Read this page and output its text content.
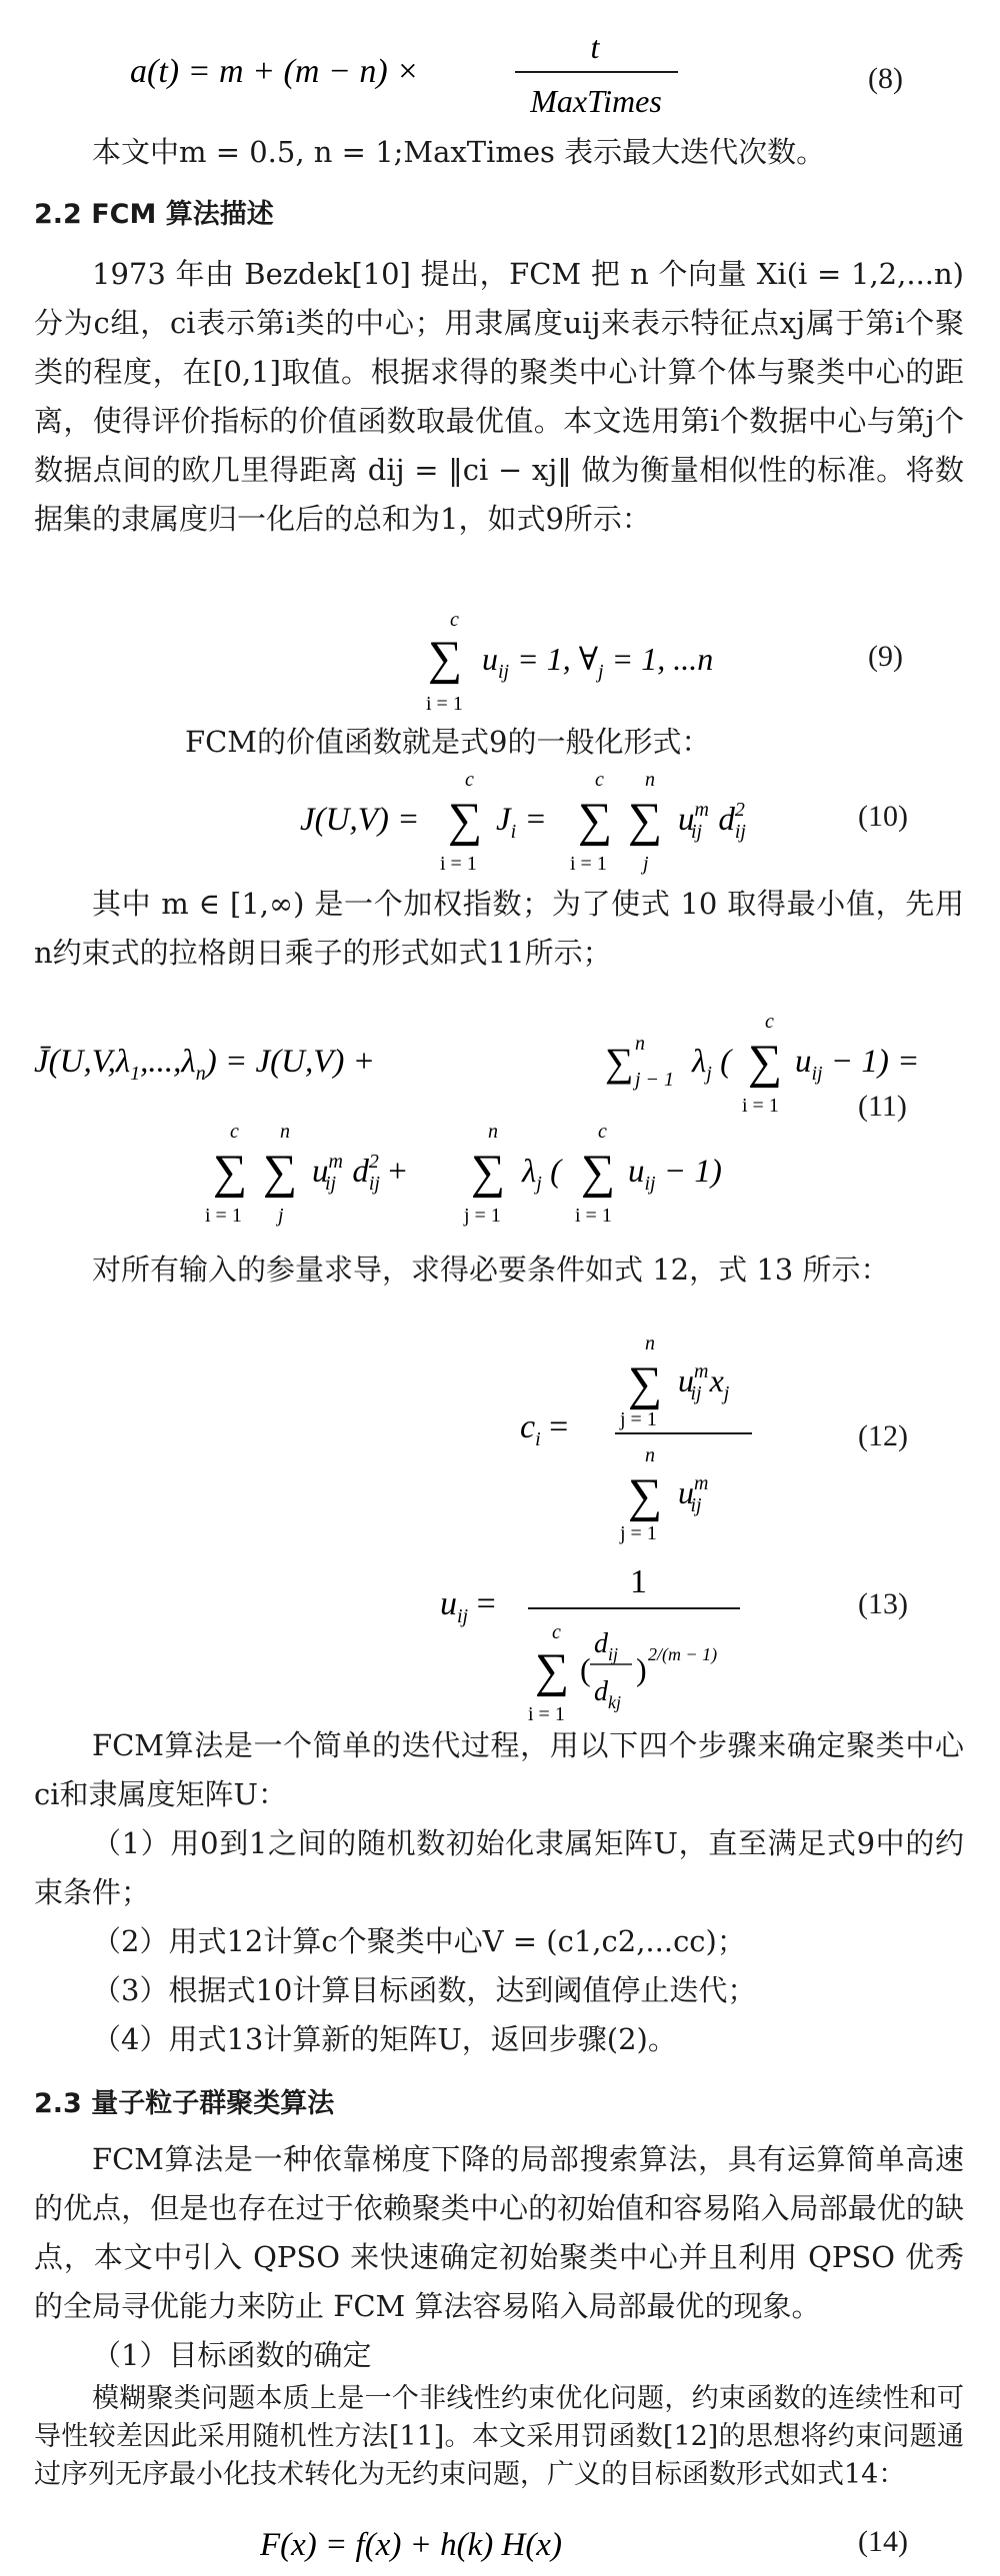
a(t) = m + (m − n) ×
t
MaxTimes
(8)
本文中m = 0.5, n = 1;MaxTimes 表示最大迭代次数。
2.2 FCM 算法描述
1973 年由 Bezdek[10] 提出，FCM 把 n 个向量 Xi(i = 1,2,...n)分为c组，ci表示第i类的中心；用隶属度uij来表示特征点xj属于第i个聚类的程度，在[0,1]取值。根据求得的聚类中心计算个体与聚类中心的距离，使得评价指标的价值函数取最优值。本文选用第i个数据中心与第j个数据点间的欧几里得距离 dij = ‖ci − xj‖ 做为衡量相似性的标准。将数据集的隶属度归一化后的总和为1，如式9所示：
c
∑
i = 1
$u_{ij} = 1$, $\forall_j = 1$, ...n	(9)
FCM的价值函数就是式9的一般化形式：
J(U,V) =
c
∑
i = 1
$J_i$ =
c
∑
i = 1
n
∑
j
$u^m$ ij $d^2$ ij	(10)
其中 m ∈ [1,∞) 是一个加权指数；为了使式 10 取得最小值，先用n约束式的拉格朗日乘子的形式如式11所示；
$J̄(U,V,\lambda_1,...,\lambda_n) = J(U,V)$ +	∑ n
j − 1 $\lambda_j$ (
c
∑
i = 1
$u_{ij} - 1$) =
c
∑
i = 1
n
∑
j
$u^m$ ij $d^2$ ij +
n
∑
j = 1
$\lambda_j$ (
c
∑
i = 1
$u_{ij} - 1$)
(11)
对所有输入的参量求导，求得必要条件如式 12，式 13 所示：
$c_i$ =
n
∑
j = 1
$u^m$ ij $x_j$
n
∑
j = 1
$u^m$ ij
(12)
$u_{ij}$ =
1
c
∑
i = 1
(
$d_{ij}$
$d_{kj}$
) 2/(m − 1)
(13)
FCM算法是一个简单的迭代过程，用以下四个步骤来确定聚类中心ci和隶属度矩阵U：
（1）用0到1之间的随机数初始化隶属矩阵U，直至满足式9中的约束条件；
（2）用式12计算c个聚类中心V = (c1,c2,...cc)；
（3）根据式10计算目标函数，达到阈值停止迭代；
（4）用式13计算新的矩阵U，返回步骤(2)。
2.3 量子粒子群聚类算法
FCM算法是一种依靠梯度下降的局部搜索算法，具有运算简单高速的优点，但是也存在过于依赖聚类中心的初始值和容易陷入局部最优的缺点，本文中引入 QPSO 来快速确定初始聚类中心并且利用 QPSO 优秀的全局寻优能力来防止 FCM 算法容易陷入局部最优的现象。
（1）目标函数的确定
模糊聚类问题本质上是一个非线性约束优化问题，约束函数的连续性和可导性较差因此采用随机性方法[11]。本文采用罚函数[12]的思想将约束问题通过序列无序最小化技术转化为无约束问题，广义的目标函数形式如式14：
F(x) = f(x) + h(k) H(x)	(14)
